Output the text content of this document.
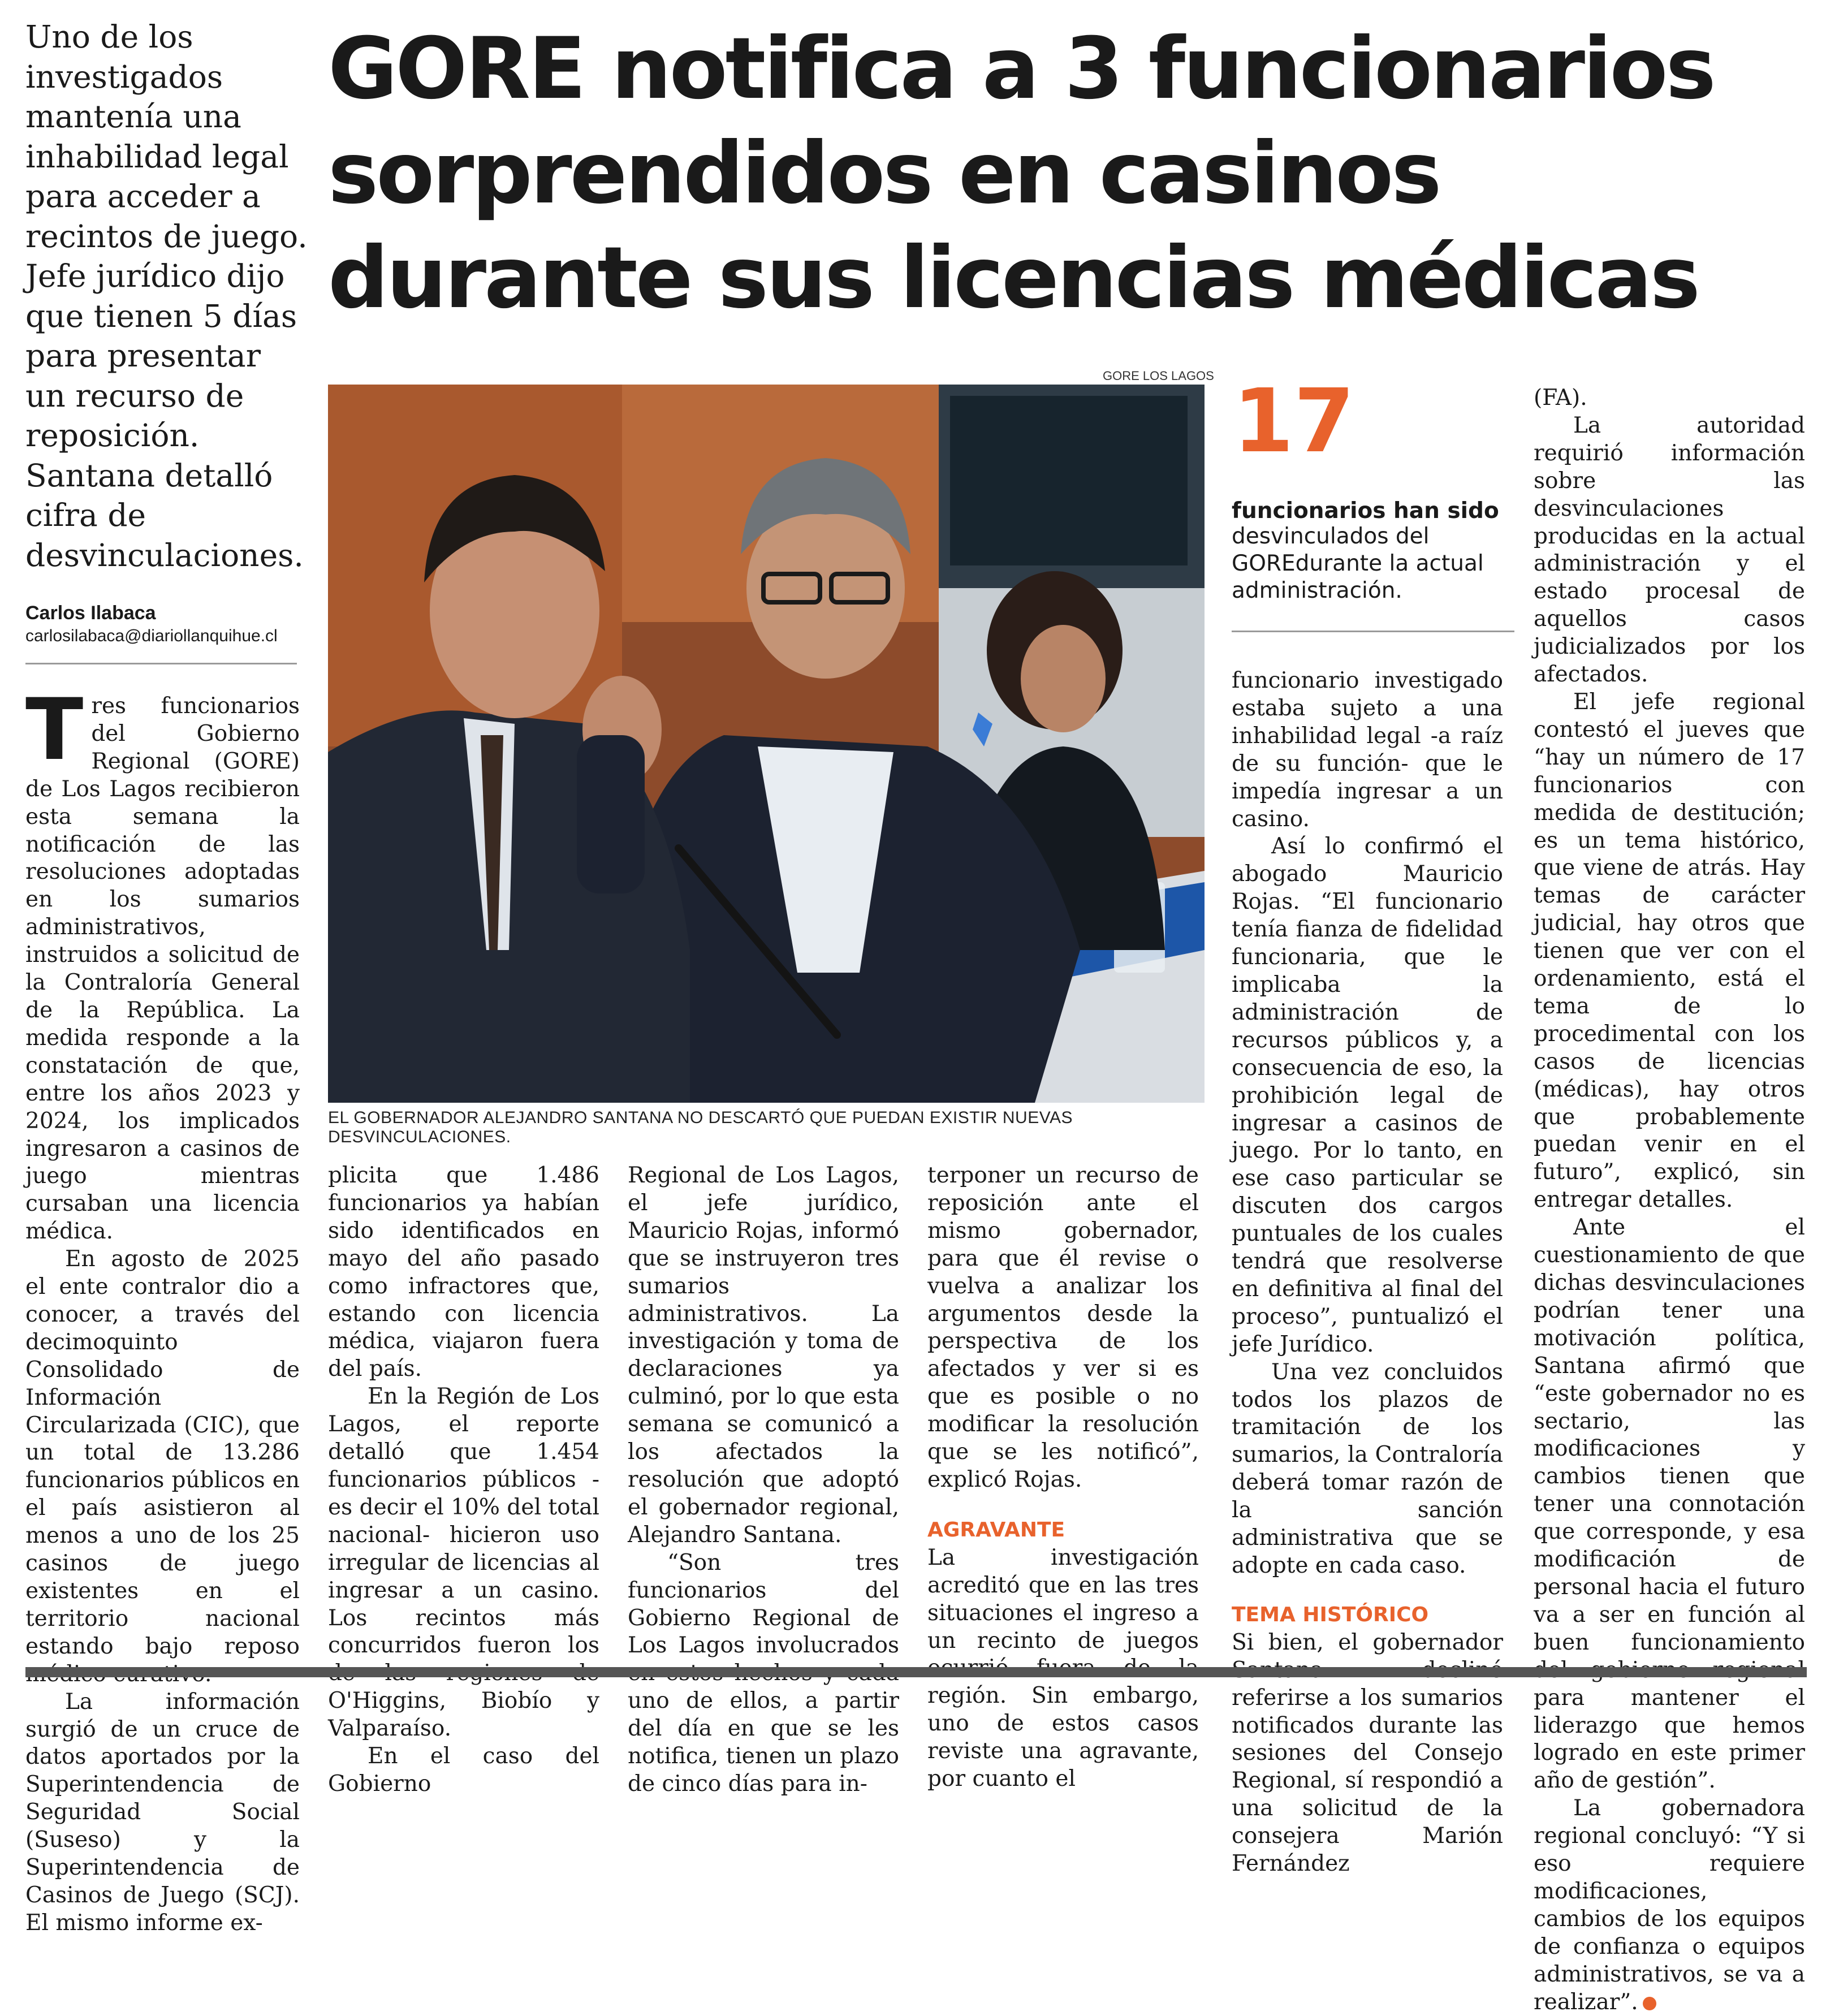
Uno de los investigados mantenía una inhabilidad legal para acceder a recintos de juego. Jefe jurídico dijo que tienen 5 días para presentar un recurso de reposición. Santana detalló cifra de desvinculaciones.

GORE notifica a 3 funcionarios sorprendidos en casinos durante sus licencias médicas
Carlos Ilabaca
carlosilabaca@diariollanquihue.cl
GORE LOS LAGOS
EL GOBERNADOR ALEJANDRO SANTANA NO DESCARTÓ QUE PUEDAN EXISTIR NUEVAS DESVINCULACIONES.
17
funcionarios han sido
desvinculados del GOREdurante la actual administración.

Tres funcionarios del Gobierno Regional (GORE) de Los Lagos recibieron esta semana la notificación de las resoluciones adoptadas en los sumarios administrativos, instruidos a solicitud de la Contraloría General de la República. La medida responde a la constatación de que, entre los años 2023 y 2024, los implicados ingresaron a casinos de juego mientras cursaban una licencia médica.

En agosto de 2025 el ente contralor dio a conocer, a través del decimoquinto Consolidado de Información Circularizada (CIC), que un total de 13.286 funcionarios públicos en el país asistieron al menos a uno de los 25 casinos de juego existentes en el territorio nacional estando bajo reposo

La información surgió de un cruce de datos aportados por la Superintendencia de Seguridad Social (Suseso) y la Superintendencia de Casinos de Juego (SCJ). El mismo informe ex-

plicita que 1.486 funcionarios ya habían sido identificados en mayo del año pasado como infractores que, estando con licencia médica, viajaron fuera del país.

En la Región de Los Lagos, el reporte detalló que 1.454 funcionarios públicos -es decir el 10% del total nacional- hicieron uso irregular de licencias al ingresar a un casino. Los recintos más concurridos fueron los O'Higgins, Biobío y Valparaíso.

En el caso del Gobierno

Regional de Los Lagos, el jefe jurídico, Mauricio Rojas, informó que se instruyeron tres sumarios administrativos. La investigación y toma de declaraciones ya culminó, por lo que esta semana se comunicó a los afectados la resolución que adoptó el gobernador regional, Alejandro Santana.

“Son tres funcionarios del Gobierno Regional de Los Lagos involucrados uno de ellos, a partir del día en que se les notifica, tienen un plazo de cinco días para in-

terponer un recurso de reposición ante el mismo gobernador, para que él revise o vuelva a analizar los argumentos desde la perspectiva de los afectados y ver si es que es posible o no modificar la resolución que se les notificó”, explicó Rojas.

AGRAVANTE

La investigación acreditó que en las tres situaciones el ingreso a un recinto de juegos región. Sin embargo, uno de estos casos reviste una agravante, por cuanto el

funcionario investigado estaba sujeto a una inhabilidad legal -a raíz de su función- que le impedía ingresar a un casino.

Así lo confirmó el abogado Mauricio Rojas. “El funcionario tenía fianza de fidelidad funcionaria, que le implicaba la administración de recursos públicos y, a consecuencia de eso, la prohibición legal de ingresar a casinos de juego. Por lo tanto, en ese caso particular se discuten dos cargos puntuales de los cuales tendrá que resolverse en definitiva al final del proceso”, puntualizó el jefe Jurídico.

Una vez concluidos todos los plazos de tramitación de los sumarios, la Contraloría deberá tomar razón de la sanción administrativa que se adopte en cada caso.

TEMA HISTÓRICO

Si bien, el gobernador referirse a los sumarios notificados durante las sesiones del Consejo Regional, sí respondió a una solicitud de la consejera Marión Fernández

(FA).

La autoridad requirió información sobre las desvinculaciones producidas en la actual administración y el estado procesal de aquellos casos judicializados por los afectados.

El jefe regional contestó el jueves que “hay un número de 17 funcionarios con medida de destitución; es un tema histórico, que viene de atrás. Hay temas de carácter judicial, hay otros que tienen que ver con el ordenamiento, está el tema de lo procedimental con los casos de licencias (médicas), hay otros que probablemente puedan venir en el futuro”, explicó, sin entregar detalles.

Ante el cuestionamiento de que dichas desvinculaciones podrían tener una motivación política, Santana afirmó que “este gobernador no es sectario, las modificaciones y cambios tienen que tener una connotación que corresponde, y esa modificación de personal hacia el futuro va a ser en función al buen funcionamiento para mantener el liderazgo que hemos logrado en este primer año de gestión”.

La gobernadora regional concluyó: “Y si eso requiere modificaciones, cambios de los equipos de confianza o equipos administrativos, se va a realizar”.
